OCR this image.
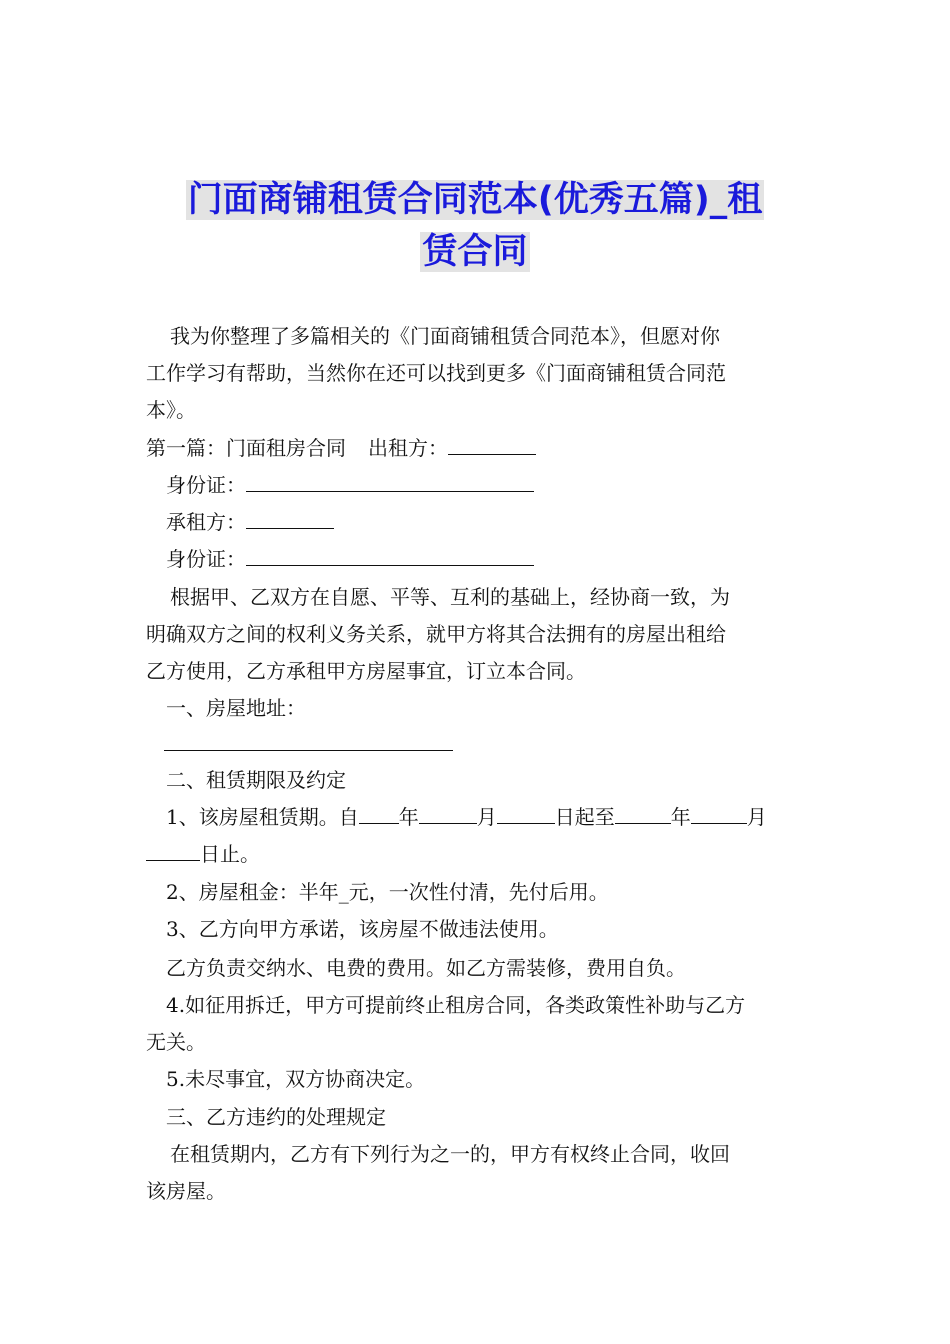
门面商铺租赁合同范本(优秀五篇)_租
赁合同
我为你整理了多篇相关的《门面商铺租赁合同范本》，但愿对你
工作学习有帮助，当然你在还可以找到更多《门面商铺租赁合同范
本》。
第一篇：门面租房合同 出租方：
身份证：
承租方：
身份证：
根据甲、乙双方在自愿、平等、互利的基础上，经协商一致，为
明确双方之间的权利义务关系，就甲方将其合法拥有的房屋出租给
乙方使用，乙方承租甲方房屋事宜，订立本合同。
一、房屋地址：
二、租赁期限及约定
1、该房屋租赁期。自 年	月	日起至	年	月
日止。
2、房屋租金：半年_元，一次性付清，先付后用。
3、乙方向甲方承诺，该房屋不做违法使用。
乙方负责交纳水、电费的费用。如乙方需装修，费用自负。
4.如征用拆迁，甲方可提前终止租房合同，各类政策性补助与乙方
无关。
5.未尽事宜，双方协商决定。
三、乙方违约的处理规定
在租赁期内，乙方有下列行为之一的，甲方有权终止合同，收回
该房屋。
